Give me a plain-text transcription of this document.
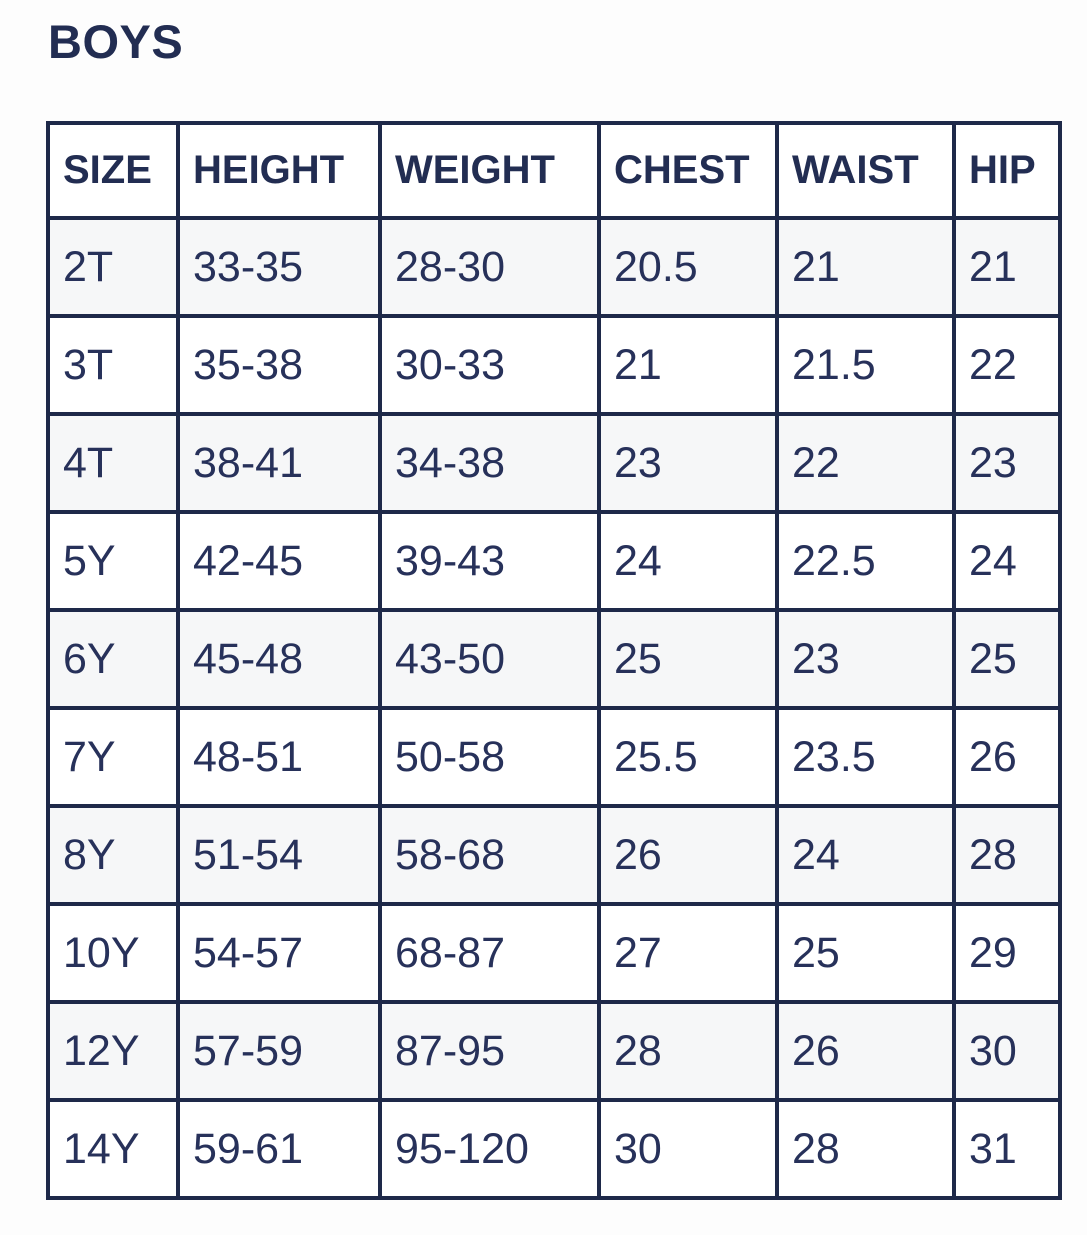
BOYS
SIZE	HEIGHT	WEIGHT	CHEST	WAIST	HIP
2T	33-35	28-30	20.5	21	21
3T	35-38	30-33	21	21.5	22
4T	38-41	34-38	23	22	23
5Y	42-45	39-43	24	22.5	24
6Y	45-48	43-50	25	23	25
7Y	48-51	50-58	25.5	23.5	26
8Y	51-54	58-68	26	24	28
10Y	54-57	68-87	27	25	29
12Y	57-59	87-95	28	26	30
14Y	59-61	95-120	30	28	31
